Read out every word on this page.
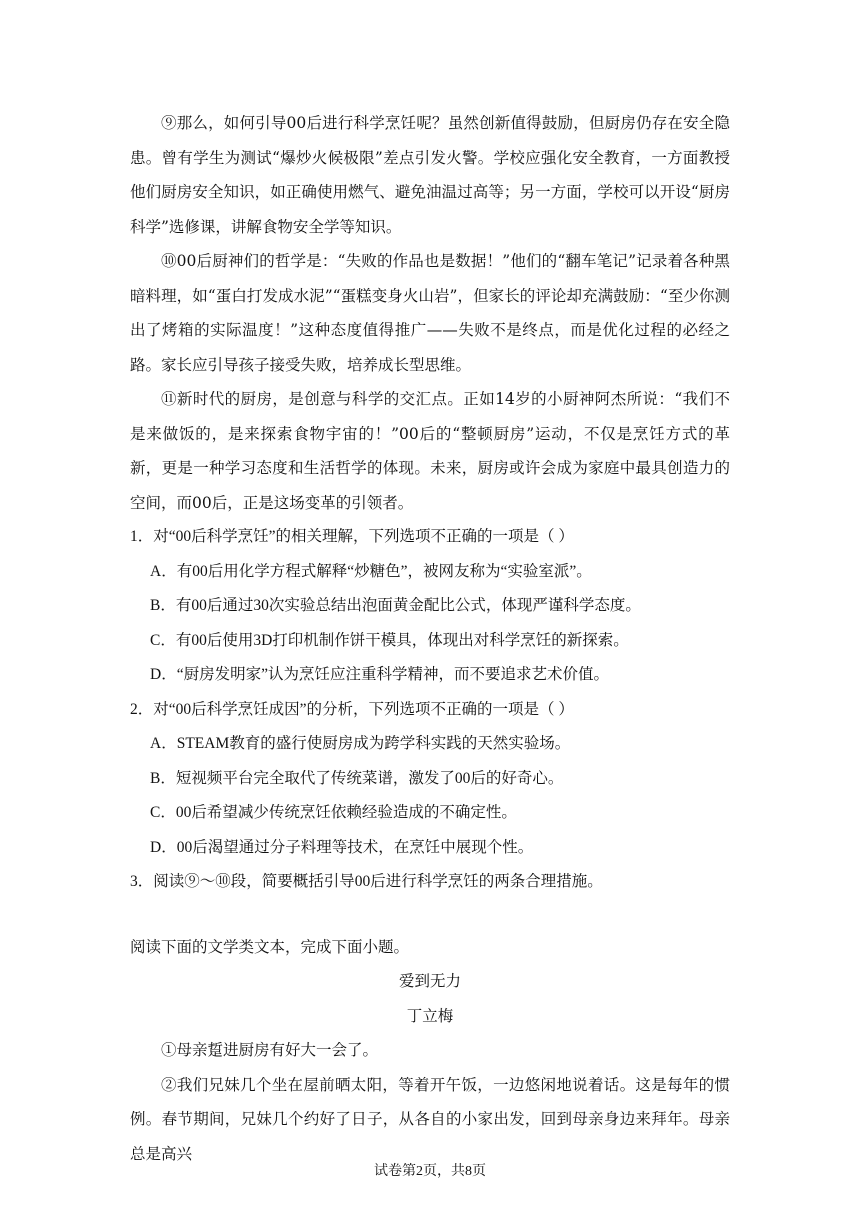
⑨那么，如何引导00后进行科学烹饪呢？虽然创新值得鼓励，但厨房仍存在安全隐患。曾有学生为测试“爆炒火候极限”差点引发火警。学校应强化安全教育，一方面教授他们厨房安全知识，如正确使用燃气、避免油温过高等；另一方面，学校可以开设“厨房科学”选修课，讲解食物安全学等知识。

⑩00后厨神们的哲学是：“失败的作品也是数据！”他们的“翻车笔记”记录着各种黑暗料理，如“蛋白打发成水泥”“蛋糕变身火山岩”，但家长的评论却充满鼓励：“至少你测出了烤箱的实际温度！”这种态度值得推广——失败不是终点，而是优化过程的必经之路。家长应引导孩子接受失败，培养成长型思维。

⑪新时代的厨房，是创意与科学的交汇点。正如14岁的小厨神阿杰所说：“我们不是来做饭的，是来探索食物宇宙的！”00后的“整顿厨房”运动，不仅是烹饪方式的革新，更是一种学习态度和生活哲学的体现。未来，厨房或许会成为家庭中最具创造力的空间，而00后，正是这场变革的引领者。

1．对“00后科学烹饪”的相关理解，下列选项不正确的一项是（ ）

A．有00后用化学方程式解释“炒糖色”，被网友称为“实验室派”。

B．有00后通过30次实验总结出泡面黄金配比公式，体现严谨科学态度。

C．有00后使用3D打印机制作饼干模具，体现出对科学烹饪的新探索。

D．“厨房发明家”认为烹饪应注重科学精神，而不要追求艺术价值。

2．对“00后科学烹饪成因”的分析，下列选项不正确的一项是（ ）

A．STEAM教育的盛行使厨房成为跨学科实践的天然实验场。

B．短视频平台完全取代了传统菜谱，激发了00后的好奇心。

C．00后希望减少传统烹饪依赖经验造成的不确定性。

D．00后渴望通过分子料理等技术，在烹饪中展现个性。

3．阅读⑨～⑩段，简要概括引导00后进行科学烹饪的两条合理措施。

阅读下面的文学类文本，完成下面小题。

爱到无力

丁立梅

①母亲踅进厨房有好大一会了。

②我们兄妹几个坐在屋前晒太阳，等着开午饭，一边悠闲地说着话。这是每年的惯例。春节期间，兄妹几个约好了日子，从各自的小家出发，回到母亲身边来拜年。母亲总是高兴

试卷第2页，共8页
